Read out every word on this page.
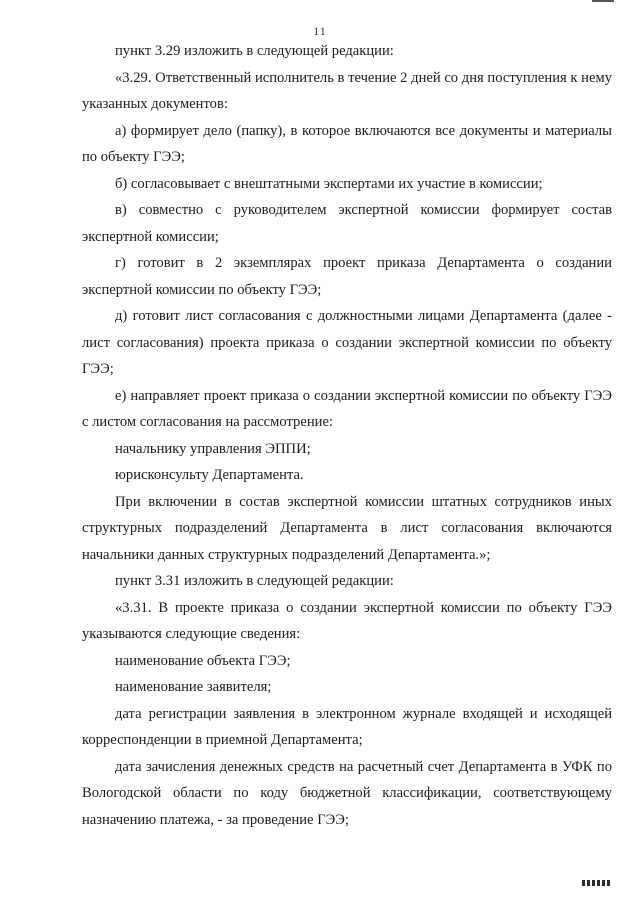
11

пункт 3.29 изложить в следующей редакции:

«3.29. Ответственный исполнитель в течение 2 дней со дня поступления к нему указанных документов:

а) формирует дело (папку), в которое включаются все документы и материалы по объекту ГЭЭ;

б) согласовывает с внештатными экспертами их участие в комиссии;

в) совместно с руководителем экспертной комиссии формирует состав экспертной комиссии;

г) готовит в 2 экземплярах проект приказа Департамента о создании экспертной комиссии по объекту ГЭЭ;

д) готовит лист согласования с должностными лицами Департамента (далее - лист согласования) проекта приказа о создании экспертной комиссии по объекту ГЭЭ;

е) направляет проект приказа о создании экспертной комиссии по объекту ГЭЭ с листом согласования на рассмотрение:

начальнику управления ЭППИ;

юрисконсульту Департамента.

При включении в состав экспертной комиссии штатных сотрудников иных структурных подразделений Департамента в лист согласования включаются начальники данных структурных подразделений Департамента.»;

пункт 3.31 изложить в следующей редакции:

«3.31. В проекте приказа о создании экспертной комиссии по объекту ГЭЭ указываются следующие сведения:

наименование объекта ГЭЭ;

наименование заявителя;

дата регистрации заявления в электронном журнале входящей и исходящей корреспонденции в приемной Департамента;

дата зачисления денежных средств на расчетный счет Департамента в УФК по Вологодской области по коду бюджетной классификации, соответствующему назначению платежа, - за проведение ГЭЭ;
